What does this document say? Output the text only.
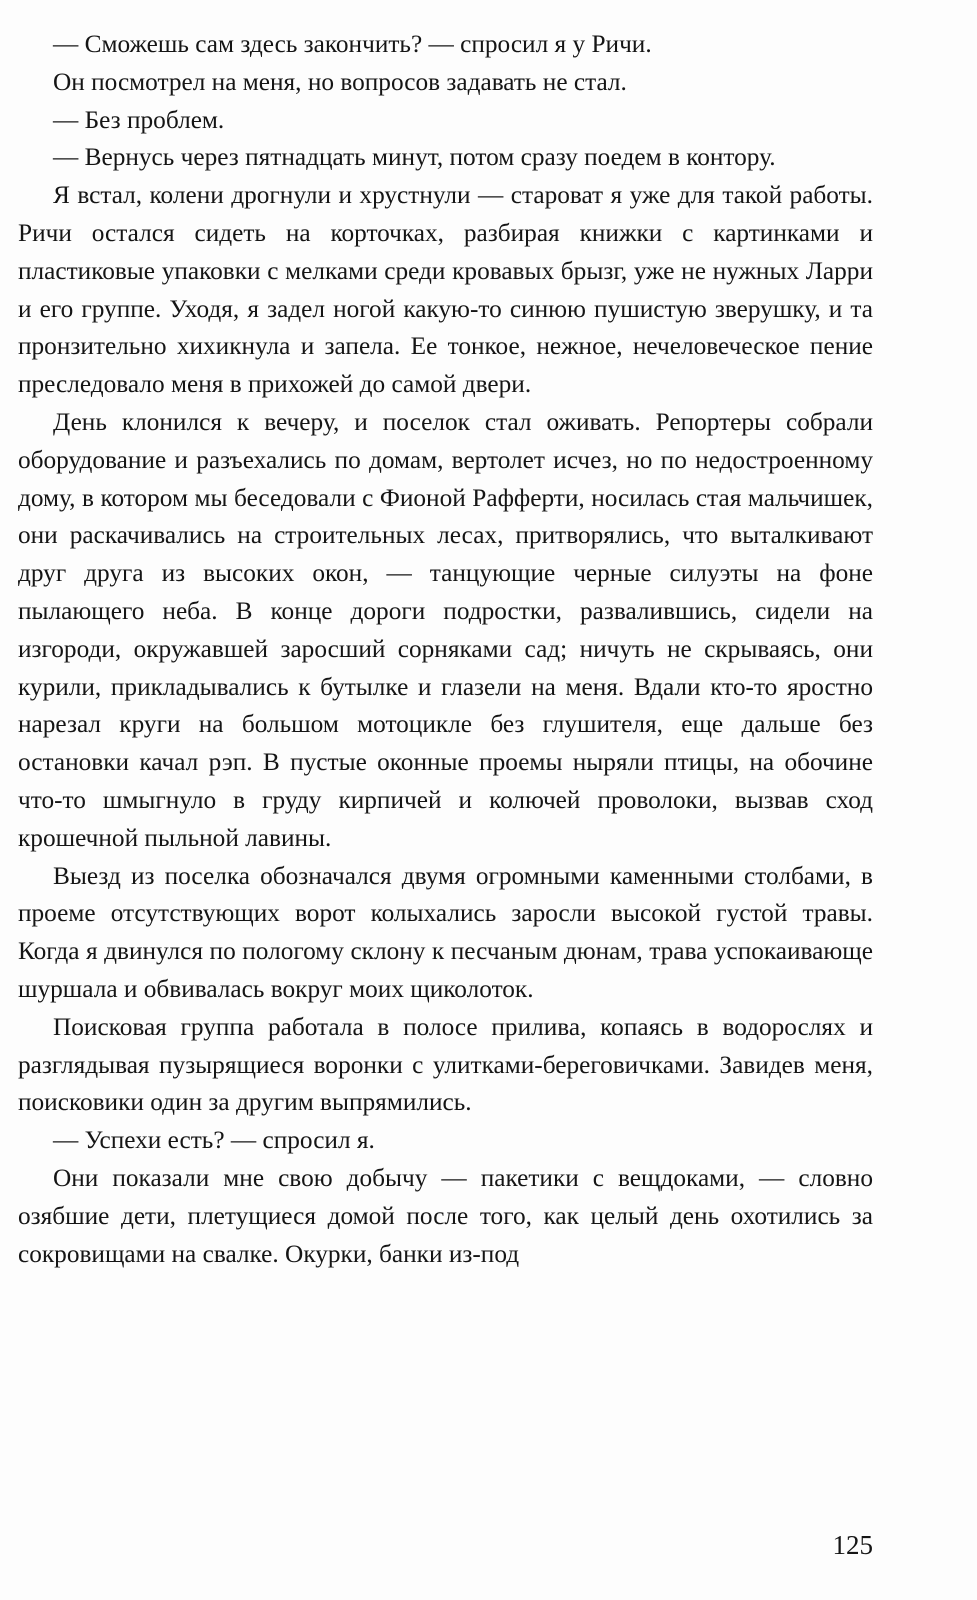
— Сможешь сам здесь закончить? — спросил я у Ричи.

Он посмотрел на меня, но вопросов задавать не стал.

— Без проблем.

— Вернусь через пятнадцать минут, потом сразу поедем в контору.

Я встал, колени дрогнули и хрустнули — староват я уже для такой работы. Ричи остался сидеть на корточках, разбирая книжки с картинками и пластиковые упаковки с мелками среди кровавых брызг, уже не нужных Ларри и его группе. Уходя, я задел ногой какую-то синюю пушистую зверушку, и та пронзительно хихикнула и запела. Ее тонкое, нежное, нечеловеческое пение преследовало меня в прихожей до самой двери.

День клонился к вечеру, и поселок стал оживать. Репортеры собрали оборудование и разъехались по домам, вертолет исчез, но по недостроенному дому, в котором мы беседовали с Фионой Рафферти, носилась стая мальчишек, они раскачивались на строительных лесах, притворялись, что выталкивают друг друга из высоких окон, — танцующие черные силуэты на фоне пылающего неба. В конце дороги подростки, развалившись, сидели на изгороди, окружавшей заросший сорняками сад; ничуть не скрываясь, они курили, прикладывались к бутылке и глазели на меня. Вдали кто-то яростно нарезал круги на большом мотоцикле без глушителя, еще дальше без остановки качал рэп. В пустые оконные проемы ныряли птицы, на обочине что-то шмыгнуло в груду кирпичей и колючей проволоки, вызвав сход крошечной пыльной лавины.

Выезд из поселка обозначался двумя огромными каменными столбами, в проеме отсутствующих ворот колыхались заросли высокой густой травы. Когда я двинулся по пологому склону к песчаным дюнам, трава успокаивающе шуршала и обвивалась вокруг моих щиколоток.

Поисковая группа работала в полосе прилива, копаясь в водорослях и разглядывая пузырящиеся воронки с улитками-береговичками. Завидев меня, поисковики один за другим выпрямились.

— Успехи есть? — спросил я.

Они показали мне свою добычу — пакетики с вещдоками, — словно озябшие дети, плетущиеся домой после того, как целый день охотились за сокровищами на свалке. Окурки, банки из-под

125
